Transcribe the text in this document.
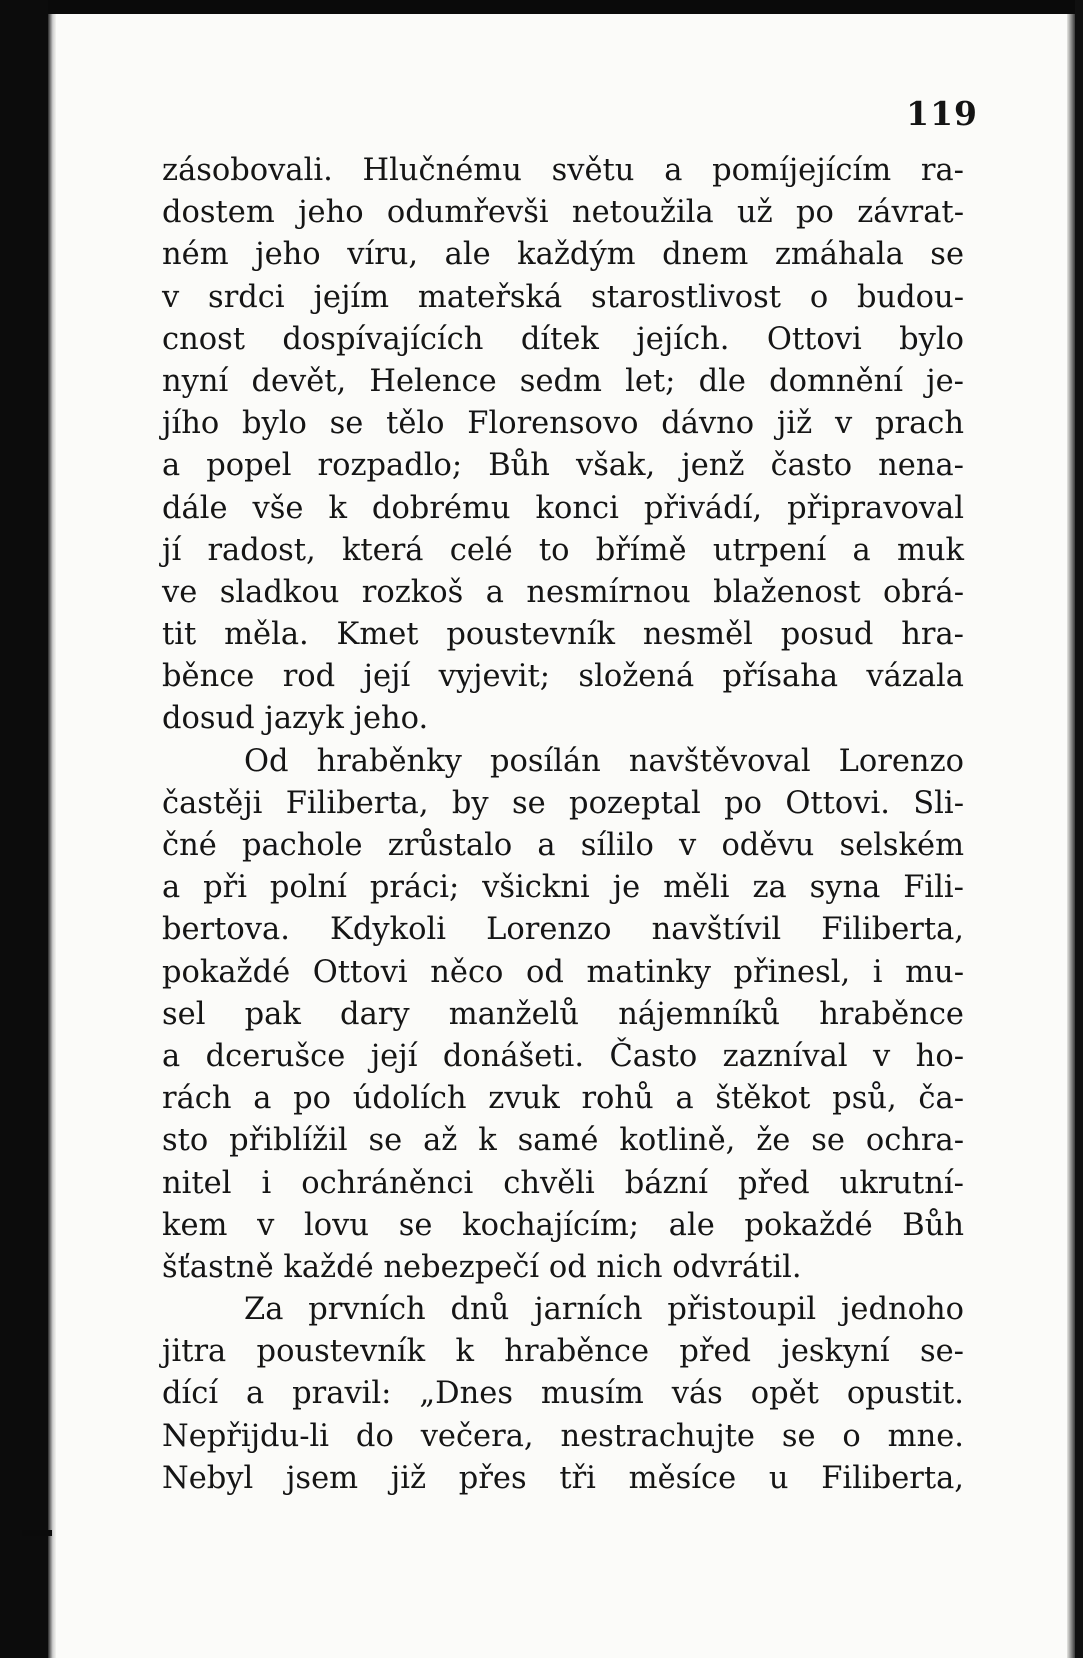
119
zásobovali. Hlučnému světu a pomíjejícím ra-
dostem jeho odumřevši netoužila už po závrat-
ném jeho víru, ale každým dnem zmáhala se
v srdci jejím mateřská starostlivost o budou-
cnost dospívajících dítek jejích. Ottovi bylo
nyní devět, Helence sedm let; dle domnění je-
jího bylo se tělo Florensovo dávno již v prach
a popel rozpadlo; Bůh však, jenž často nena-
dále vše k dobrému konci přivádí, připravoval
jí radost, která celé to břímě utrpení a muk
ve sladkou rozkoš a nesmírnou blaženost obrá-
tit měla. Kmet poustevník nesměl posud hra-
běnce rod její vyjevit; složená přísaha vázala
dosud jazyk jeho.
Od hraběnky posílán navštěvoval Lorenzo
častěji Filiberta, by se pozeptal po Ottovi. Sli-
čné pachole zrůstalo a sílilo v oděvu selském
a při polní práci; všickni je měli za syna Fili-
bertova. Kdykoli Lorenzo navštívil Filiberta,
pokaždé Ottovi něco od matinky přinesl, i mu-
sel pak dary manželů nájemníků hraběnce
a dcerušce její donášeti. Často zazníval v ho-
rách a po údolích zvuk rohů a štěkot psů, ča-
sto přiblížil se až k samé kotlině, že se ochra-
nitel i ochráněnci chvěli bázní před ukrutní-
kem v lovu se kochajícím; ale pokaždé Bůh
šťastně každé nebezpečí od nich odvrátil.
Za prvních dnů jarních přistoupil jednoho
jitra poustevník k hraběnce před jeskyní se-
dící a pravil: „Dnes musím vás opět opustit.
Nepřijdu-li do večera, nestrachujte se o mne.
Nebyl jsem již přes tři měsíce u Filiberta,
